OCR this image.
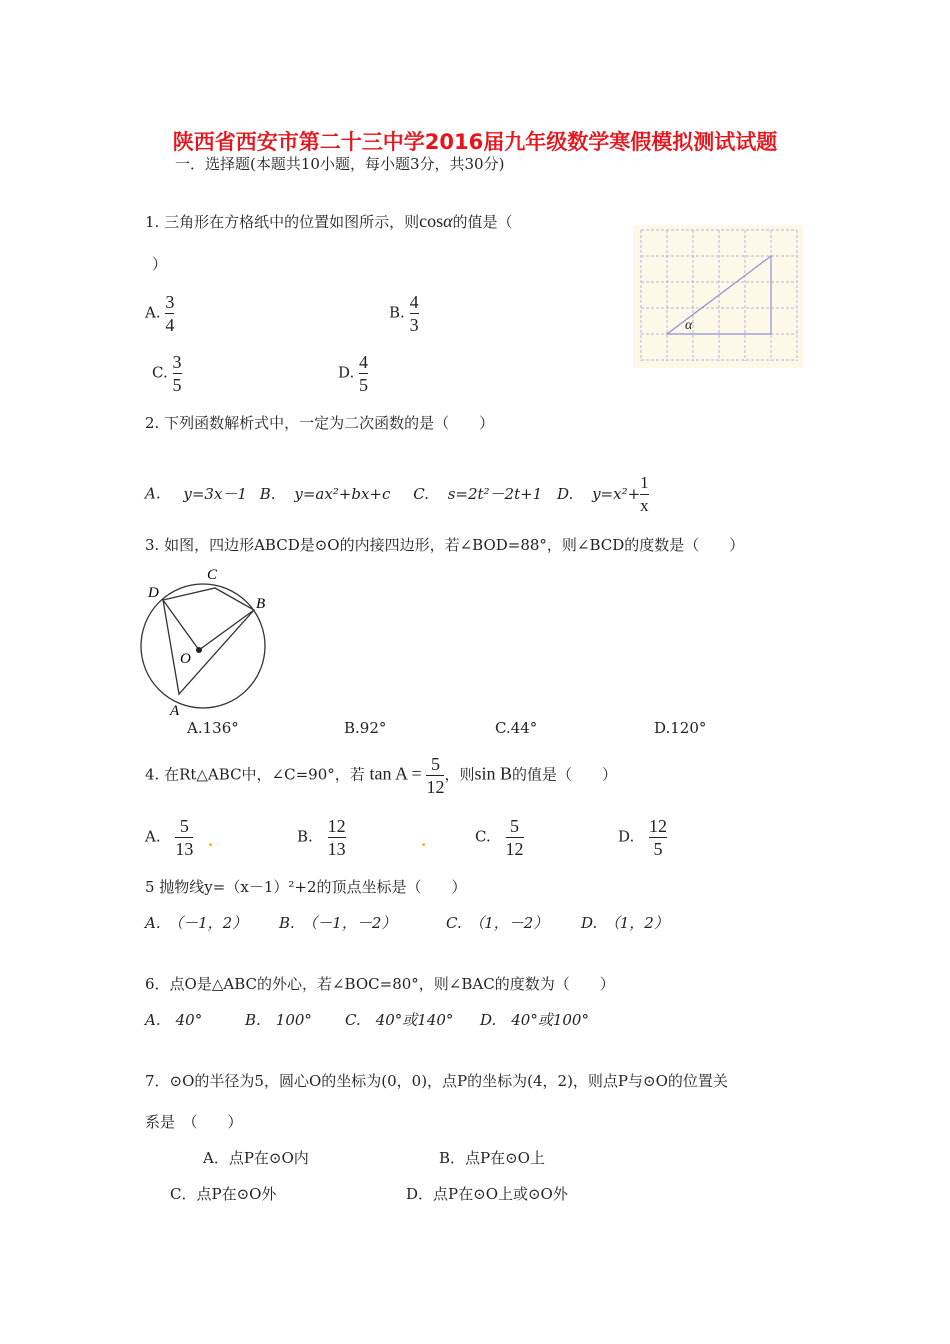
陕西省西安市第二十三中学2016届九年级数学寒假模拟测试试题
一．选择题(本题共10小题，每小题3分，共30分)
1. 三角形在方格纸中的位置如图所示，则cosα的值是（
）
α
A. $\frac{3}{4}$	B. $\frac{4}{3}$
C. $\frac{3}{5}$	D. $\frac{4}{5}$
2. 下列函数解析式中，一定为二次函数的是（　　）
A. y=3x－1 B. y=ax²+bx+c C. s=2t²－2t+1 D. $y=x^2+ \frac{1}{x}$
3. 如图，四边形ABCD是⊙O的内接四边形，若∠BOD=88°，则∠BCD的度数是（　　）
D
C
B
O
A
A.136°	B.92°	C.44°	D.120°
4. 在Rt△ABC中，∠C=90°，若 $\tan A = \frac{5}{12}$ ，则sin B的值是（　　）
A. $\frac{5}{13}$ .	B. $\frac{12}{13}$	.	C. $\frac{5}{12}$	D. $\frac{12}{5}$
5 抛物线y=（x－1）²+2的顶点坐标是（　　）
A.　（－1，2） B.　（－1，－2）	C.　（1，－2） D.　（1，2）
6．点O是△ABC的外心，若∠BOC=80°，则∠BAC的度数为（　　）
A.　40°	B.　100° C.　40°或140° D.　40°或100°
7．⊙O的半径为5，圆心O的坐标为(0，0)，点P的坐标为(4，2)，则点P与⊙O的位置关
系是　（　　）
A．点P在⊙O内	B．点P在⊙O上
C．点P在⊙O外	D．点P在⊙O上或⊙O外
